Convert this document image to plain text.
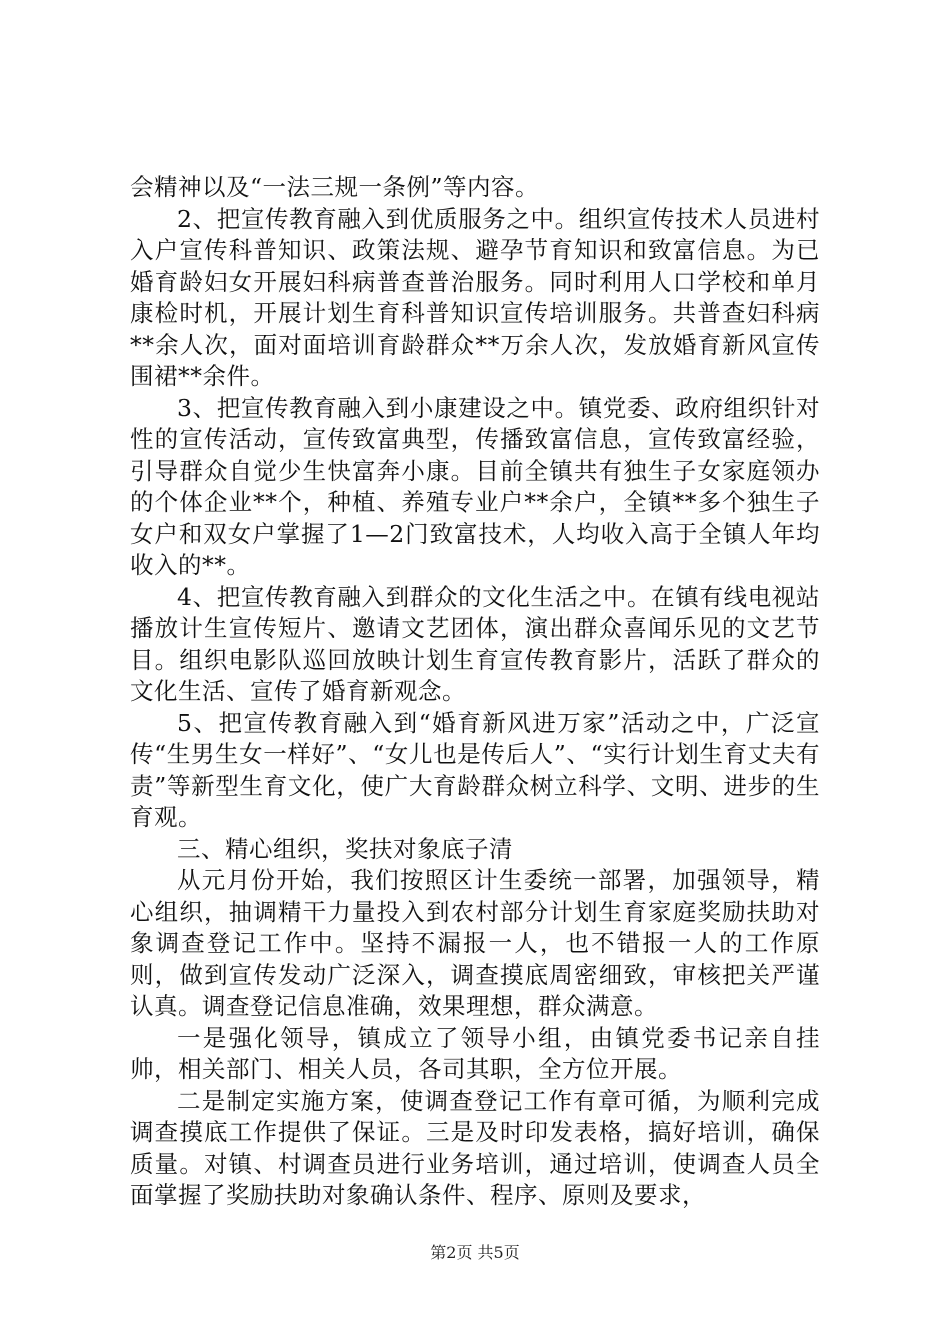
会精神以及“一法三规一条例”等内容。

2、把宣传教育融入到优质服务之中。组织宣传技术人员进村入户宣传科普知识、政策法规、避孕节育知识和致富信息。为已婚育龄妇女开展妇科病普查普治服务。同时利用人口学校和单月康检时机，开展计划生育科普知识宣传培训服务。共普查妇科病**余人次，面对面培训育龄群众**万余人次，发放婚育新风宣传围裙**余件。

3、把宣传教育融入到小康建设之中。镇党委、政府组织针对性的宣传活动，宣传致富典型，传播致富信息，宣传致富经验，引导群众自觉少生快富奔小康。目前全镇共有独生子女家庭领办的个体企业**个，种植、养殖专业户**余户，全镇**多个独生子女户和双女户掌握了1—2门致富技术，人均收入高于全镇人年均收入的**。

4、把宣传教育融入到群众的文化生活之中。在镇有线电视站播放计生宣传短片、邀请文艺团体，演出群众喜闻乐见的文艺节目。组织电影队巡回放映计划生育宣传教育影片，活跃了群众的文化生活、宣传了婚育新观念。

5、把宣传教育融入到“婚育新风进万家”活动之中，广泛宣传“生男生女一样好”、“女儿也是传后人”、“实行计划生育丈夫有责”等新型生育文化，使广大育龄群众树立科学、文明、进步的生育观。

三、精心组织，奖扶对象底子清

从元月份开始，我们按照区计生委统一部署，加强领导，精心组织，抽调精干力量投入到农村部分计划生育家庭奖励扶助对象调查登记工作中。坚持不漏报一人，也不错报一人的工作原则，做到宣传发动广泛深入，调查摸底周密细致，审核把关严谨认真。调查登记信息准确，效果理想，群众满意。

一是强化领导，镇成立了领导小组，由镇党委书记亲自挂帅，相关部门、相关人员，各司其职，全方位开展。

二是制定实施方案，使调查登记工作有章可循，为顺利完成调查摸底工作提供了保证。三是及时印发表格，搞好培训，确保质量。对镇、村调查员进行业务培训，通过培训，使调查人员全面掌握了奖励扶助对象确认条件、程序、原则及要求，

第2页 共5页
